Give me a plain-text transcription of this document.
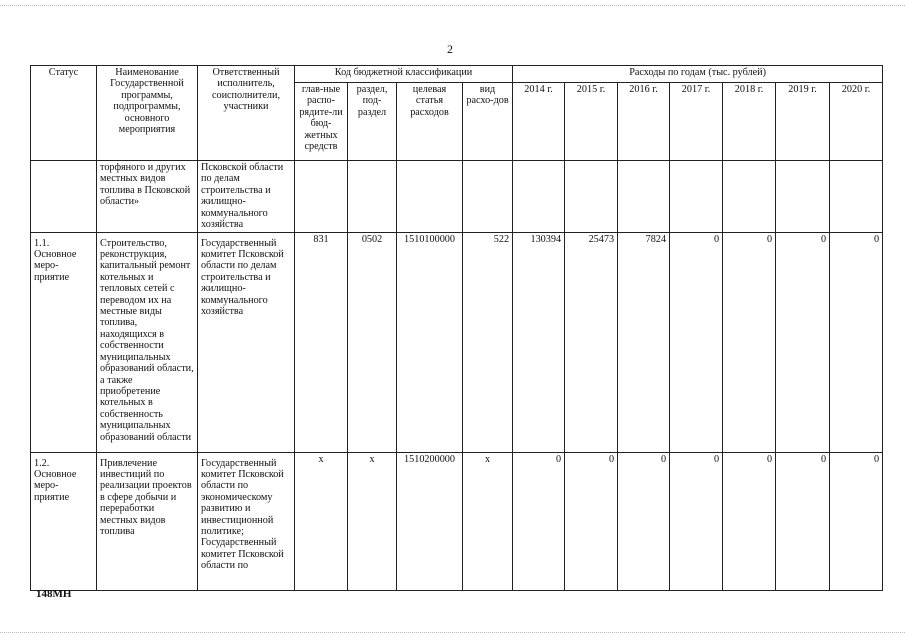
2
Статус	Наименование Государственной программы, подпрограммы, основного мероприятия	Ответственный исполнитель, соисполнители, участники	Код бюджетной классификации				Расходы по годам (тыс. рублей)						
			глав-ные распо-рядите-ли бюд-жетных средств	раздел, под-раздел	целевая статья расходов	вид расхо-дов	2014 г.	2015 г.	2016 г.	2017 г.	2018 г.	2019 г.	2020 г.
	торфяного и других местных видов топлива в Псковской области»	Псковской области по делам строительства и жилищно-коммунального хозяйства											
1.1. Основное меро-приятие	Строительство, реконструкция, капитальный ремонт котельных и тепловых сетей с переводом их на местные виды топлива, находящихся в собственности муниципальных образований области, а также приобретение котельных в собственность муниципальных образований области	Государственный комитет Псковской области по делам строительства и жилищно-коммунального хозяйства	831	0502	1510100000	522	130394	25473	7824	0	0	0	0
1.2. Основное меро-приятие	Привлечение инвестиций по реализации проектов в сфере добычи и переработки местных видов топлива	Государственный комитет Псковской области по экономическому развитию и инвестиционной политике; Государственный комитет Псковской области по	х	х	1510200000	х	0	0	0	0	0	0	0
148МН
